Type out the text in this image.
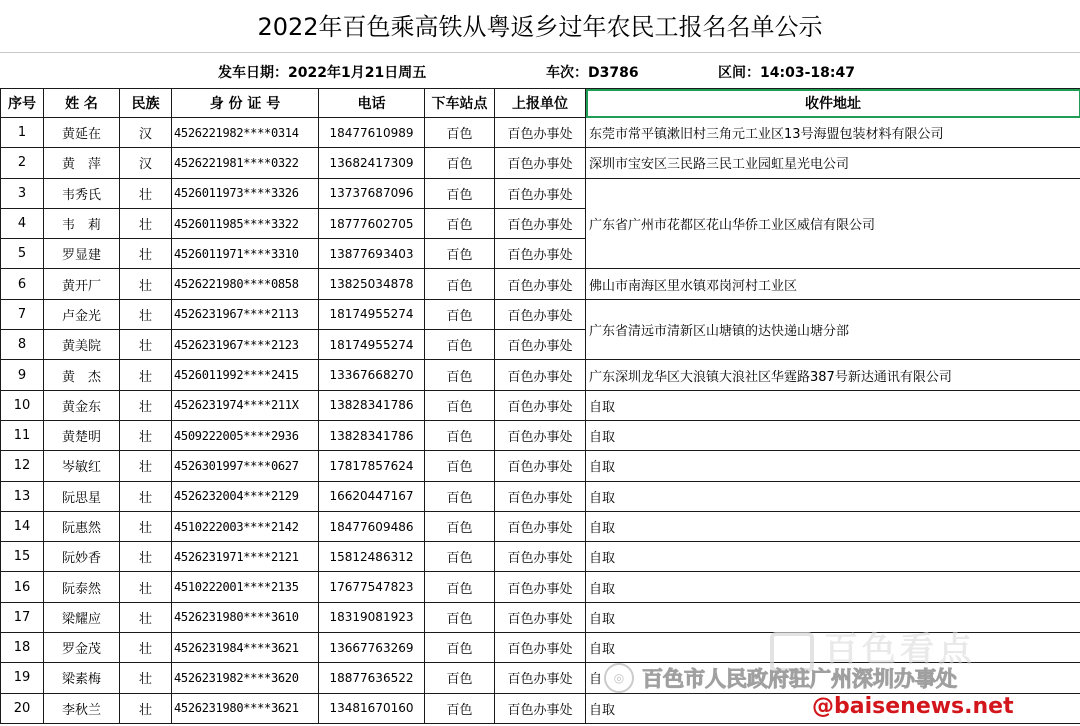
2022年百色乘高铁从粤返乡过年农民工报名名单公示
发车日期：2022年1月21日周五	车次：D3786	区间：14:03-18:47
序号	姓 名	民族	身 份 证 号	电话	下车站点	上报单位	收件地址
1	黄延在	汉	4526221982****0314	18477610989	百色	百色办事处	东莞市常平镇漱旧村三角元工业区13号海盟包装材料有限公司
2	黄　萍	汉	4526221981****0322	13682417309	百色	百色办事处	深圳市宝安区三民路三民工业园虹星光电公司
3	韦秀氏	壮	4526011973****3326	13737687096	百色	百色办事处	广东省广州市花都区花山华侨工业区威信有限公司
4	韦　莉	壮	4526011985****3322	18777602705	百色	百色办事处	
5	罗显建	壮	4526011971****3310	13877693403	百色	百色办事处	
6	黄开厂	壮	4526221980****0858	13825034878	百色	百色办事处	佛山市南海区里水镇邓岗河村工业区
7	卢金光	壮	4526231967****2113	18174955274	百色	百色办事处	广东省清远市清新区山塘镇的达快递山塘分部
8	黄美院	壮	4526231967****2123	18174955274	百色	百色办事处	
9	黄　杰	壮	4526011992****2415	13367668270	百色	百色办事处	广东深圳龙华区大浪镇大浪社区华霆路387号新达通讯有限公司
10	黄金东	壮	4526231974****211X	13828341786	百色	百色办事处	自取
11	黄楚明	壮	4509222005****2936	13828341786	百色	百色办事处	自取
12	岑敏红	壮	4526301997****0627	17817857624	百色	百色办事处	自取
13	阮思星	壮	4526232004****2129	16620447167	百色	百色办事处	自取
14	阮惠然	壮	4510222003****2142	18477609486	百色	百色办事处	自取
15	阮妙香	壮	4526231971****2121	15812486312	百色	百色办事处	自取
16	阮泰然	壮	4510222001****2135	17677547823	百色	百色办事处	自取
17	梁耀应	壮	4526231980****3610	18319081923	百色	百色办事处	自取
18	罗金茂	壮	4526231984****3621	13667763269	百色	百色办事处	自取
19	梁素梅	壮	4526231982****3620	18877636522	百色	百色办事处	自
20	李秋兰	壮	4526231980****3621	13481670160	百色	百色办事处	自取
百色看点
◎ 百色市人民政府驻广州深圳办事处
@baisenews.net
